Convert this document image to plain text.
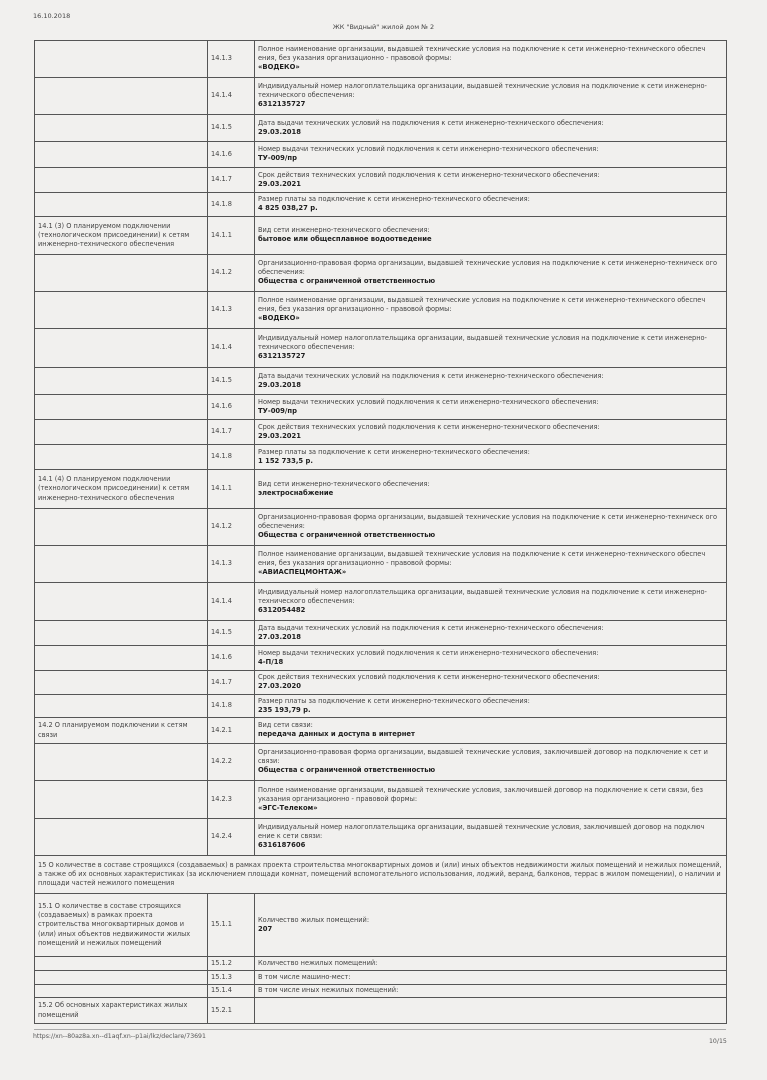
16.10.2018
ЖК "Видный" жилой дом № 2
	14.1.3	Полное наименование организации, выдавшей технические условия на подключение к сети инженерно-технического обеспеч ения, без указания организационно - правовой формы:
«ВОДЕКО»

	14.1.4	Индивидуальный номер налогоплательщика организации, выдавшей технические условия на подключение к сети инженерно-технического обеспечения:
6312135727

	14.1.5	Дата выдачи технических условий на подключения к сети инженерно-технического обеспечения:
29.03.2018

	14.1.6	Номер выдачи технических условий подключения к сети инженерно-технического обеспечения:
ТУ-009/пр

	14.1.7	Срок действия технических условий подключения к сети инженерно-технического обеспечения:
29.03.2021

	14.1.8	Размер платы за подключение к сети инженерно-технического обеспечения:
4 825 038,27 р.

14.1 (3) О планируемом подключении (технологическом присоединении) к сетям инженерно-технического обеспечения	14.1.1	Вид сети инженерно-технического обеспечения:
бытовое или общесплавное водоотведение

	14.1.2	Организационно-правовая форма организации, выдавшей технические условия на подключение к сети инженерно-техническ ого обеспечения:
Общества с ограниченной ответственностью

	14.1.3	Полное наименование организации, выдавшей технические условия на подключение к сети инженерно-технического обеспеч ения, без указания организационно - правовой формы:
«ВОДЕКО»

	14.1.4	Индивидуальный номер налогоплательщика организации, выдавшей технические условия на подключение к сети инженерно-технического обеспечения:
6312135727

	14.1.5	Дата выдачи технических условий на подключения к сети инженерно-технического обеспечения:
29.03.2018

	14.1.6	Номер выдачи технических условий подключения к сети инженерно-технического обеспечения:
ТУ-009/пр

	14.1.7	Срок действия технических условий подключения к сети инженерно-технического обеспечения:
29.03.2021

	14.1.8	Размер платы за подключение к сети инженерно-технического обеспечения:
1 152 733,5 р.

14.1 (4) О планируемом подключении (технологическом присоединении) к сетям инженерно-технического обеспечения	14.1.1	Вид сети инженерно-технического обеспечения:
электроснабжение

	14.1.2	Организационно-правовая форма организации, выдавшей технические условия на подключение к сети инженерно-техническ ого обеспечения:
Общества с ограниченной ответственностью

	14.1.3	Полное наименование организации, выдавшей технические условия на подключение к сети инженерно-технического обеспеч ения, без указания организационно - правовой формы:
«АВИАСПЕЦМОНТАЖ»

	14.1.4	Индивидуальный номер налогоплательщика организации, выдавшей технические условия на подключение к сети инженерно-технического обеспечения:
6312054482

	14.1.5	Дата выдачи технических условий на подключения к сети инженерно-технического обеспечения:
27.03.2018

	14.1.6	Номер выдачи технических условий подключения к сети инженерно-технического обеспечения:
4-П/18

	14.1.7	Срок действия технических условий подключения к сети инженерно-технического обеспечения:
27.03.2020

	14.1.8	Размер платы за подключение к сети инженерно-технического обеспечения:
235 193,79 р.

14.2 О планируемом подключении к сетям связи	14.2.1	Вид сети связи:
передача данных и доступа в интернет

	14.2.2	Организационно-правовая форма организации, выдавшей технические условия, заключившей договор на подключение к сет и связи:
Общества с ограниченной ответственностью

	14.2.3	Полное наименование организации, выдавшей технические условия, заключившей договор на подключение к сети связи, без указания организационно - правовой формы:
«ЭГС-Телеком»

	14.2.4	Индивидуальный номер налогоплательщика организации, выдавшей технические условия, заключившей договор на подключ ение к сети связи:
6316187606

15 О количестве в составе строящихся (создаваемых) в рамках проекта строительства многоквартирных домов и (или) иных объектов недвижимости жилых помещений и нежилых помещений, а также об их основных характеристиках (за исключением площади комнат, помещений вспомогательного использования, лоджий, веранд, балконов, террас в жилом помещении), о наличии и площади частей нежилого помещения		
15.1 О количестве в составе строящихся (создаваемых) в рамках проекта строительства многоквартирных домов и (или) иных объектов недвижимости жилых помещений и нежилых помещений	15.1.1	Количество жилых помещений:
207

	15.1.2	Количество нежилых помещений:

	15.1.3	В том числе машино-мест:

	15.1.4	В том числе иных нежилых помещений:

15.2 Об основных характеристиках жилых помещений	15.2.1	
https://xn--80az8a.xn--d1aqf.xn--p1ai/lkz/declare/73691
10/15
